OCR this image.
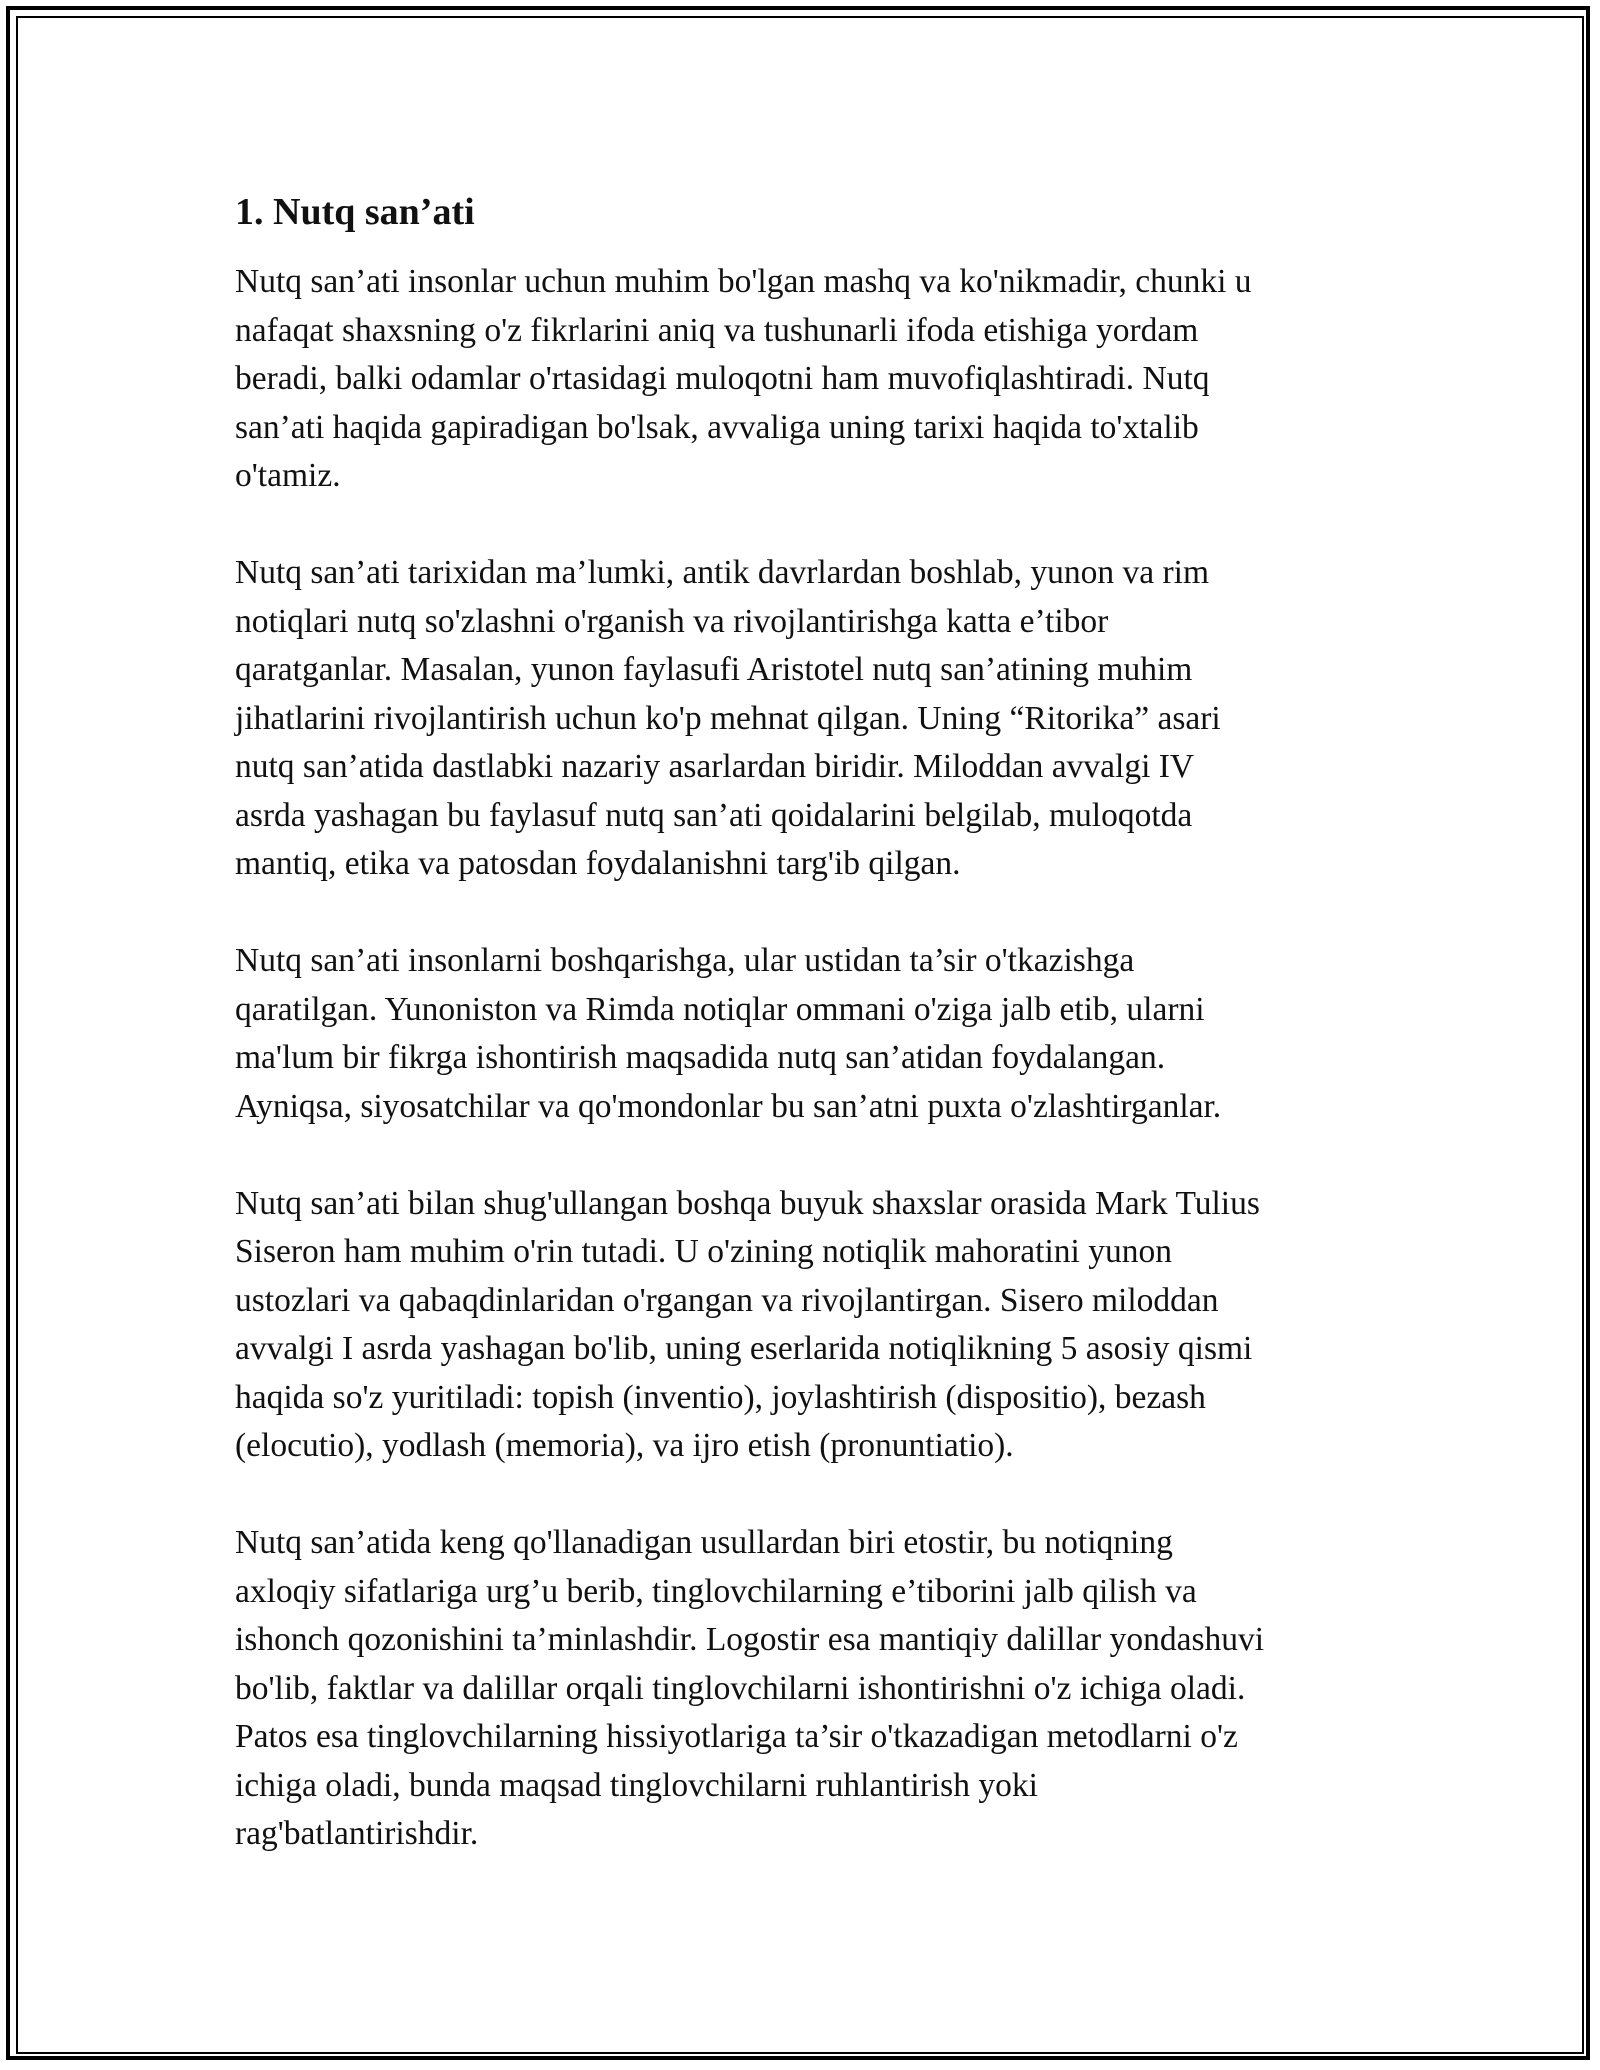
1. Nutq san’ati

Nutq san’ati insonlar uchun muhim bo'lgan mashq va ko'nikmadir, chunki u
nafaqat shaxsning o'z fikrlarini aniq va tushunarli ifoda etishiga yordam
beradi, balki odamlar o'rtasidagi muloqotni ham muvofiqlashtiradi. Nutq
san’ati haqida gapiradigan bo'lsak, avvaliga uning tarixi haqida to'xtalib
o'tamiz.

Nutq san’ati tarixidan ma’lumki, antik davrlardan boshlab, yunon va rim
notiqlari nutq so'zlashni o'rganish va rivojlantirishga katta e’tibor
qaratganlar. Masalan, yunon faylasufi Aristotel nutq san’atining muhim
jihatlarini rivojlantirish uchun ko'p mehnat qilgan. Uning “Ritorika” asari
nutq san’atida dastlabki nazariy asarlardan biridir. Miloddan avvalgi IV
asrda yashagan bu faylasuf nutq san’ati qoidalarini belgilab, muloqotda
mantiq, etika va patosdan foydalanishni targ'ib qilgan.

Nutq san’ati insonlarni boshqarishga, ular ustidan ta’sir o'tkazishga
qaratilgan. Yunoniston va Rimda notiqlar ommani o'ziga jalb etib, ularni
ma'lum bir fikrga ishontirish maqsadida nutq san’atidan foydalangan.
Ayniqsa, siyosatchilar va qo'mondonlar bu san’atni puxta o'zlashtirganlar.

Nutq san’ati bilan shug'ullangan boshqa buyuk shaxslar orasida Mark Tulius
Siseron ham muhim o'rin tutadi. U o'zining notiqlik mahoratini yunon
ustozlari va qabaqdinlaridan o'rgangan va rivojlantirgan. Sisero miloddan
avvalgi I asrda yashagan bo'lib, uning eserlarida notiqlikning 5 asosiy qismi
haqida so'z yuritiladi: topish (inventio), joylashtirish (dispositio), bezash
(elocutio), yodlash (memoria), va ijro etish (pronuntiatio).

Nutq san’atida keng qo'llanadigan usullardan biri etostir, bu notiqning
axloqiy sifatlariga urg’u berib, tinglovchilarning e’tiborini jalb qilish va
ishonch qozonishini ta’minlashdir. Logostir esa mantiqiy dalillar yondashuvi
bo'lib, faktlar va dalillar orqali tinglovchilarni ishontirishni o'z ichiga oladi.
Patos esa tinglovchilarning hissiyotlariga ta’sir o'tkazadigan metodlarni o'z
ichiga oladi, bunda maqsad tinglovchilarni ruhlantirish yoki
rag'batlantirishdir.
